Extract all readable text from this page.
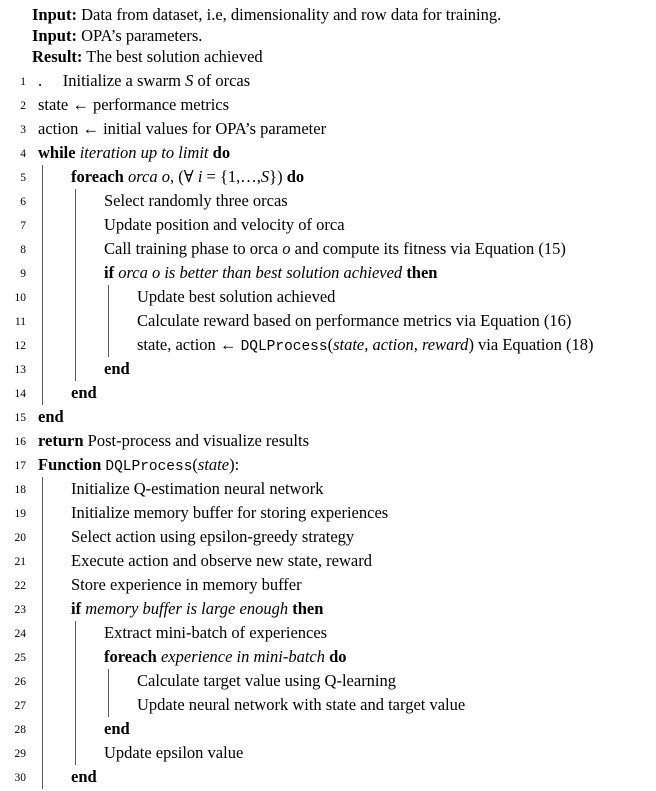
Input: Data from dataset, i.e, dimensionality and row data for training.
Input: OPA’s parameters.
Result: The best solution achieved
1 .  Initialize a swarm S of orcas
2 state ← performance metrics
3 action ← initial values for OPA’s parameter
4 while iteration up to limit do
5	foreach orca o, (∀ i = {1,…,S}) do
6	Select randomly three orcas
7	Update position and velocity of orca
8	Call training phase to orca o and compute its fitness via Equation (15)
9	if orca o is better than best solution achieved then
10	Update best solution achieved
11	Calculate reward based on performance metrics via Equation (16)
12	state, action ← DQLProcess(state, action, reward) via Equation (18)
13	end
14	end
15 end
16 return Post-process and visualize results
17 Function DQLProcess(state):
18	Initialize Q-estimation neural network
19	Initialize memory buffer for storing experiences
20	Select action using epsilon-greedy strategy
21	Execute action and observe new state, reward
22	Store experience in memory buffer
23	if memory buffer is large enough then
24	Extract mini-batch of experiences
25	foreach experience in mini-batch do
26	Calculate target value using Q-learning
27	Update neural network with state and target value
28	end
29	Update epsilon value
30	end
